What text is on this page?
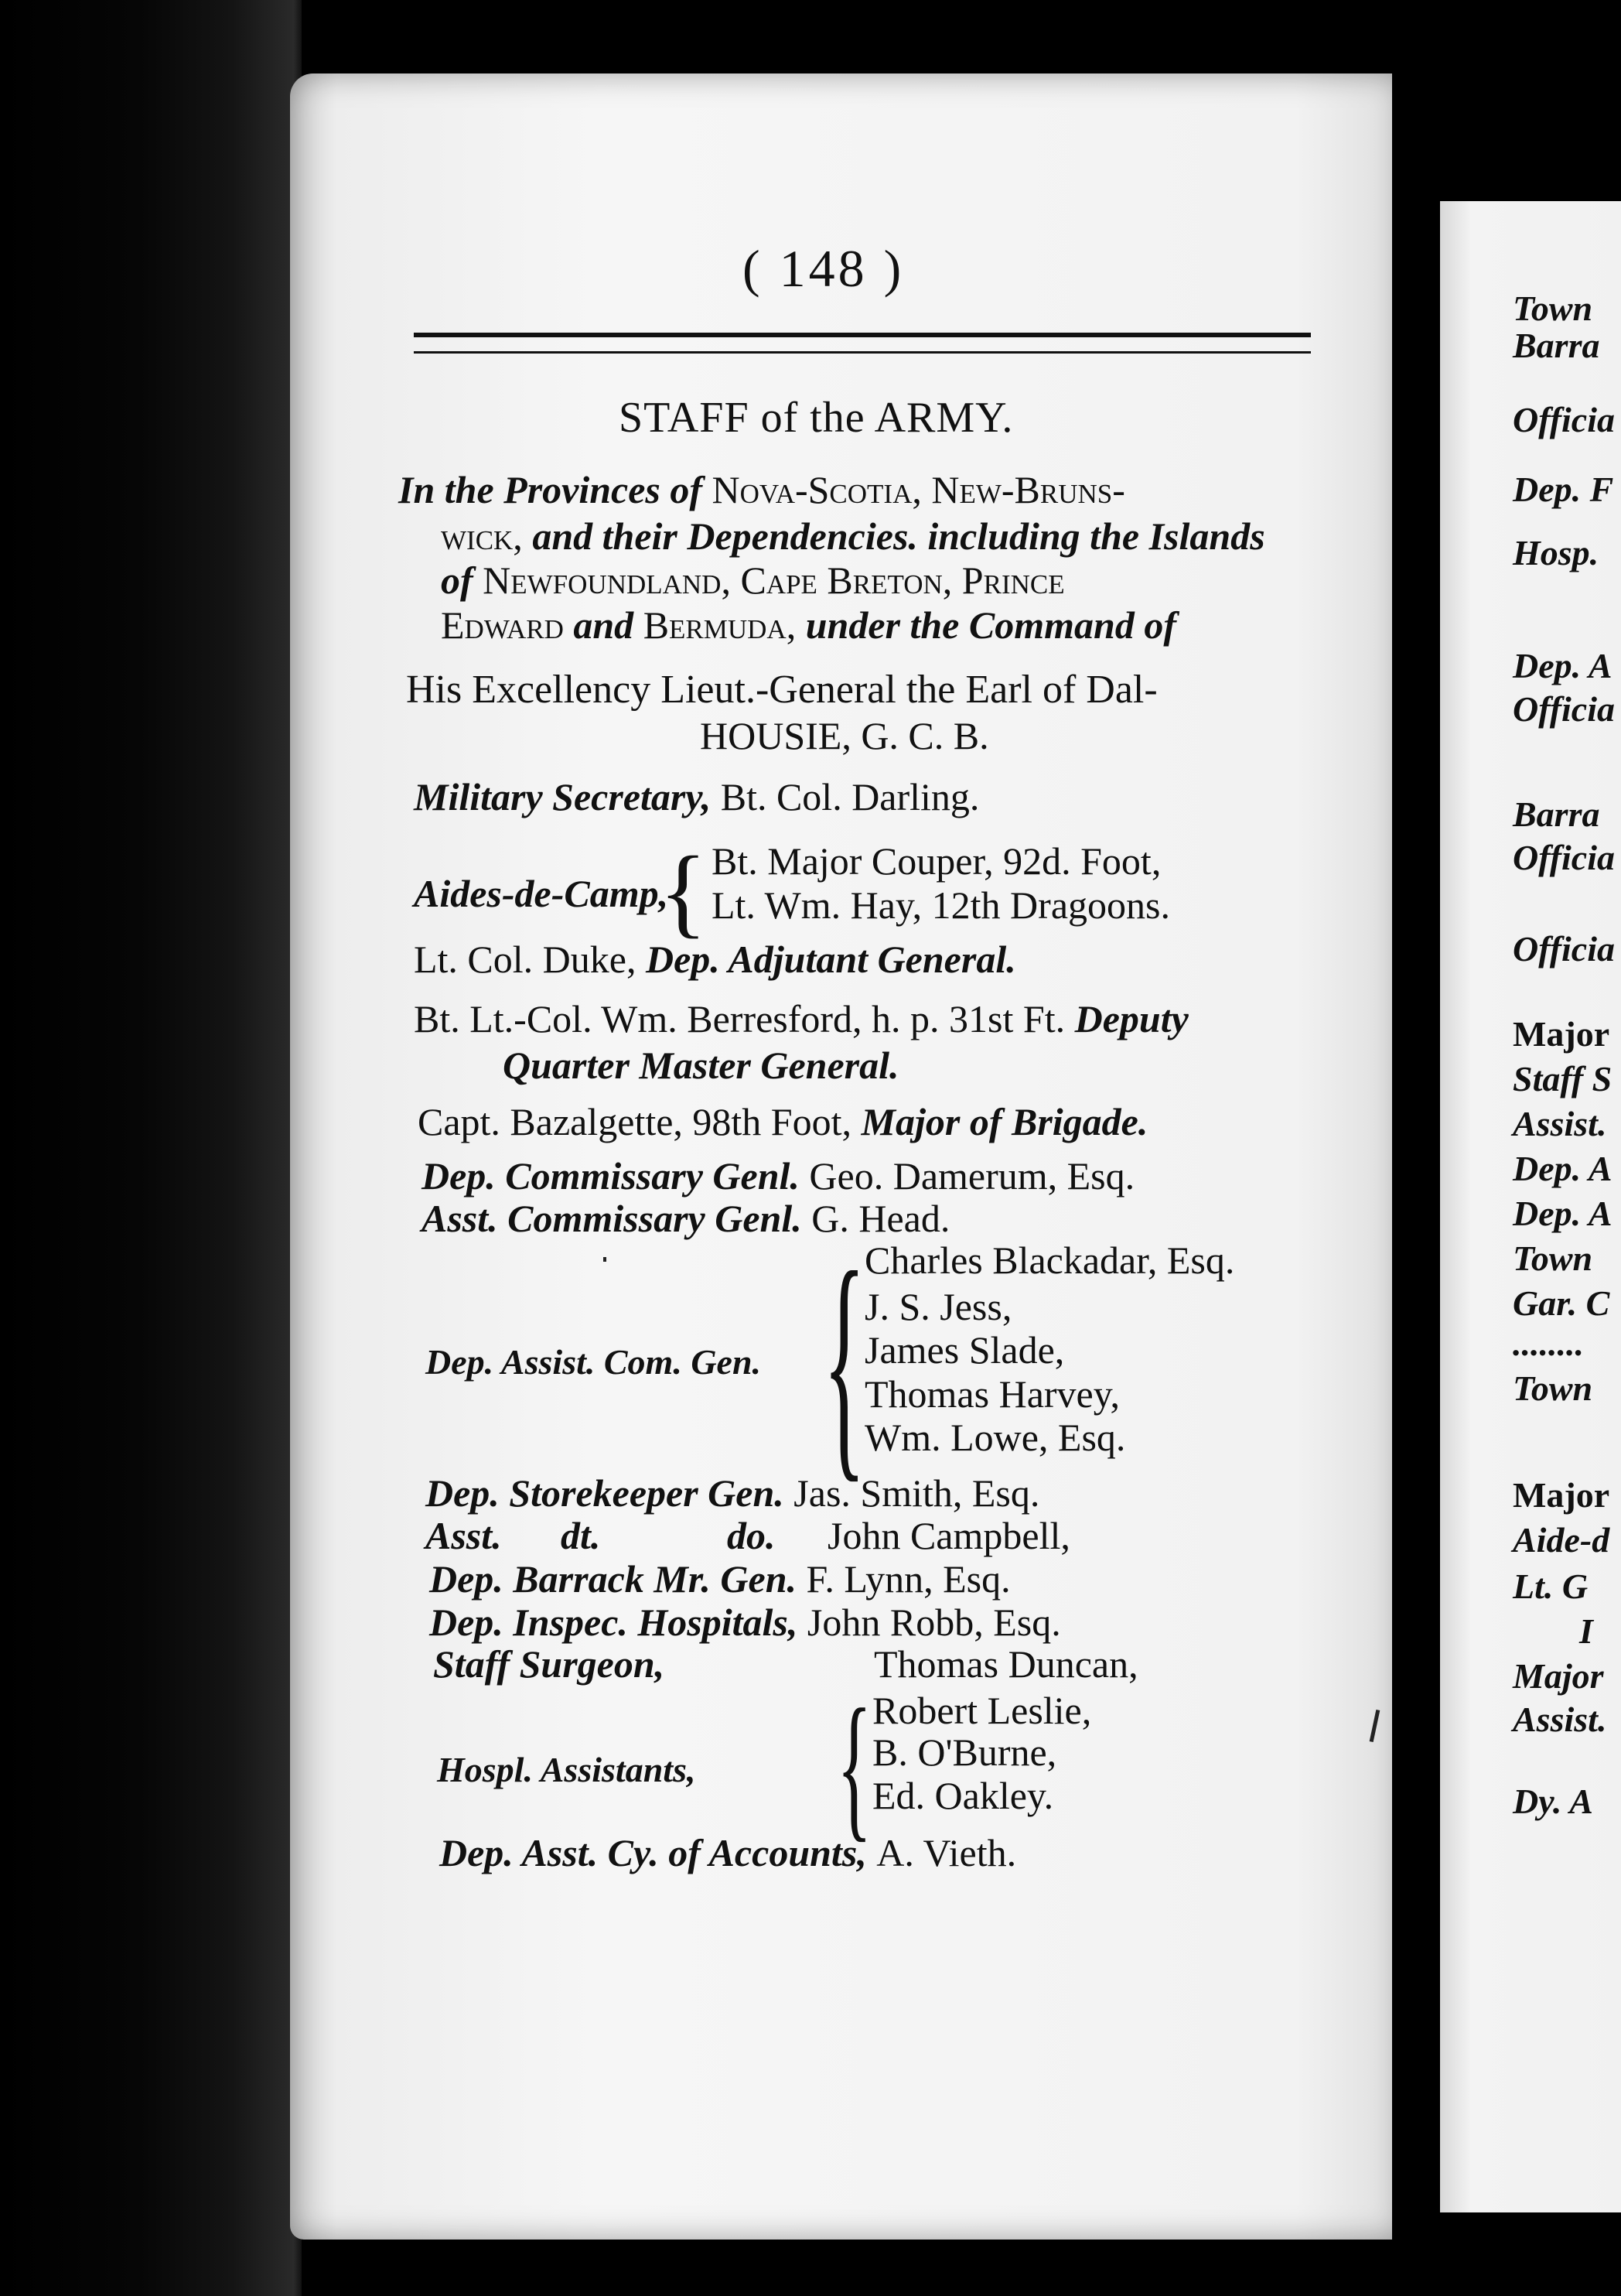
Town
Barra
Officia
Dep. F
Hosp.
Dep. A
Officia
Barra
Officia
Officia
Major
Staff S
Assist.
Dep. A
Dep. A
Town
Gar. C
........
Town
Major
Aide-d
Lt. G
I
Major
Assist.
Dy. A
( 148 )
STAFF of the ARMY.
In the Provinces of Nova-Scotia, New-Bruns-
wick, and their Dependencies. including the Islands
of Newfoundland, Cape Breton, Prince
Edward and Bermuda, under the Command of
His Excellency Lieut.-General the Earl of Dal-
HOUSIE, G. C. B.
Military Secretary, Bt. Col. Darling.
Aides-de-Camp,
{ Bt. Major Couper, 92d. Foot,
Lt. Wm. Hay, 12th Dragoons.
Lt. Col. Duke, Dep. Adjutant General.
Bt. Lt.-Col. Wm. Berresford, h. p. 31st Ft. Deputy
Quarter Master General.
Capt. Bazalgette, 98th Foot, Major of Brigade.
Dep. Commissary Genl. Geo. Damerum, Esq.
Asst. Commissary Genl. G. Head.
Dep. Assist. Com. Gen. {
Charles Blackadar, Esq.
J. S. Jess,
James Slade,
Thomas Harvey,
Wm. Lowe, Esq.
Dep. Storekeeper Gen. Jas. Smith, Esq.
Asst. dt.	do. John Campbell,
Dep. Barrack Mr. Gen. F. Lynn, Esq.
Dep. Inspec. Hospitals, John Robb, Esq.
Staff Surgeon,	Thomas Duncan,
Hospl. Assistants, { Robert Leslie,
B. O'Burne,
Ed. Oakley.
Dep. Asst. Cy. of Accounts, A. Vieth.
